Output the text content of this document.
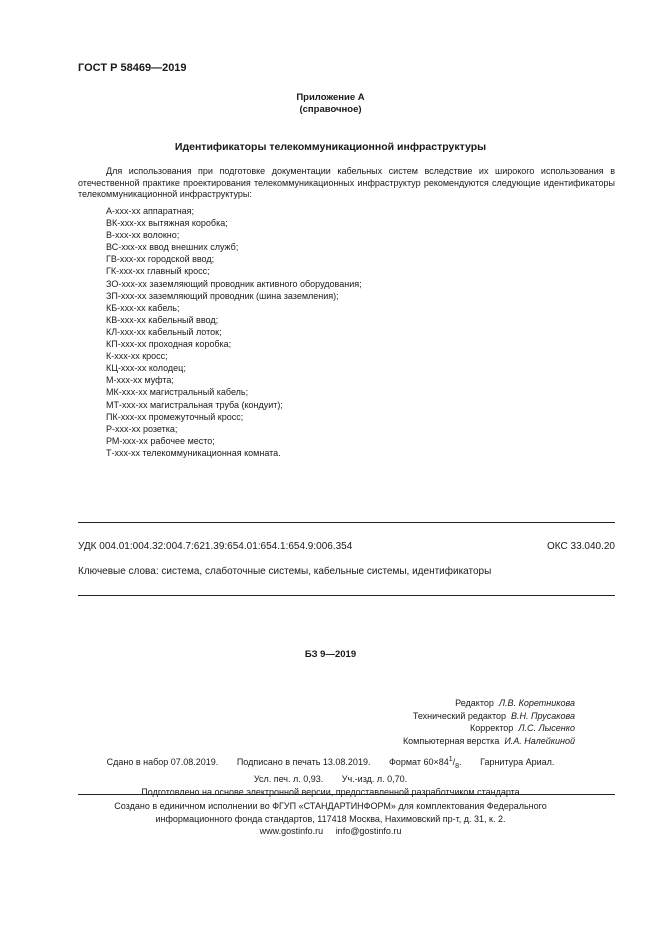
ГОСТ Р 58469—2019
Приложение А
(справочное)
Идентификаторы телекоммуникационной инфраструктуры

Для использования при подготовке документации кабельных систем вследствие их широкого использования в отечественной практике проектирования телекоммуникационных инфраструктур рекомендуются следующие идентификаторы телекоммуникационной инфраструктуры:

А-ххх-хх аппаратная;
ВК-ххх-хх вытяжная коробка;
В-ххх-хх волокно;
ВС-ххх-хх ввод внешних служб;
ГВ-ххх-хх городской ввод;
ГК-ххх-хх главный кросс;
ЗО-ххх-хх заземляющий проводник активного оборудования;
ЗП-ххх-хх заземляющий проводник (шина заземления);
КБ-ххх-хх кабель;
КВ-ххх-хх кабельный ввод;
КЛ-ххх-хх кабельный лоток;
КП-ххх-хх проходная коробка;
К-ххх-хх кросс;
КЦ-ххх-хх колодец;
М-ххх-хх муфта;
МК-ххх-хх магистральный кабель;
МТ-ххх-хх магистральная труба (кондуит);
ПК-ххх-хх промежуточный кросс;
Р-ххх-хх розетка;
РМ-ххх-хх рабочее место;
Т-ххх-хх телекоммуникационная комната.
УДК 004.01:004.32:004.7:621.39:654.01:654.1:654.9:006.354	ОКС 33.040.20
Ключевые слова: система, слаботочные системы, кабельные системы, идентификаторы
БЗ 9—2019
Редактор Л.В. Коретникова
Технический редактор В.Н. Прусакова
Корректор Л.С. Лысенко
Компьютерная верстка И.А. Налейкиной
Сдано в набор 07.08.2019. Подписано в печать 13.08.2019. Формат $60\times 84^1/_8$. Гарнитура Ариал.
Усл. печ. л. 0,93. Уч.-изд. л. 0,70.
Подготовлено на основе электронной версии, предоставленной разработчиком стандарта
Создано в единичном исполнении во ФГУП «СТАНДАРТИНФОРМ» для комплектования Федерального
информационного фонда стандартов, 117418 Москва, Нахимовский пр-т, д. 31, к. 2.
www.gostinfo.ru info@gostinfo.ru
